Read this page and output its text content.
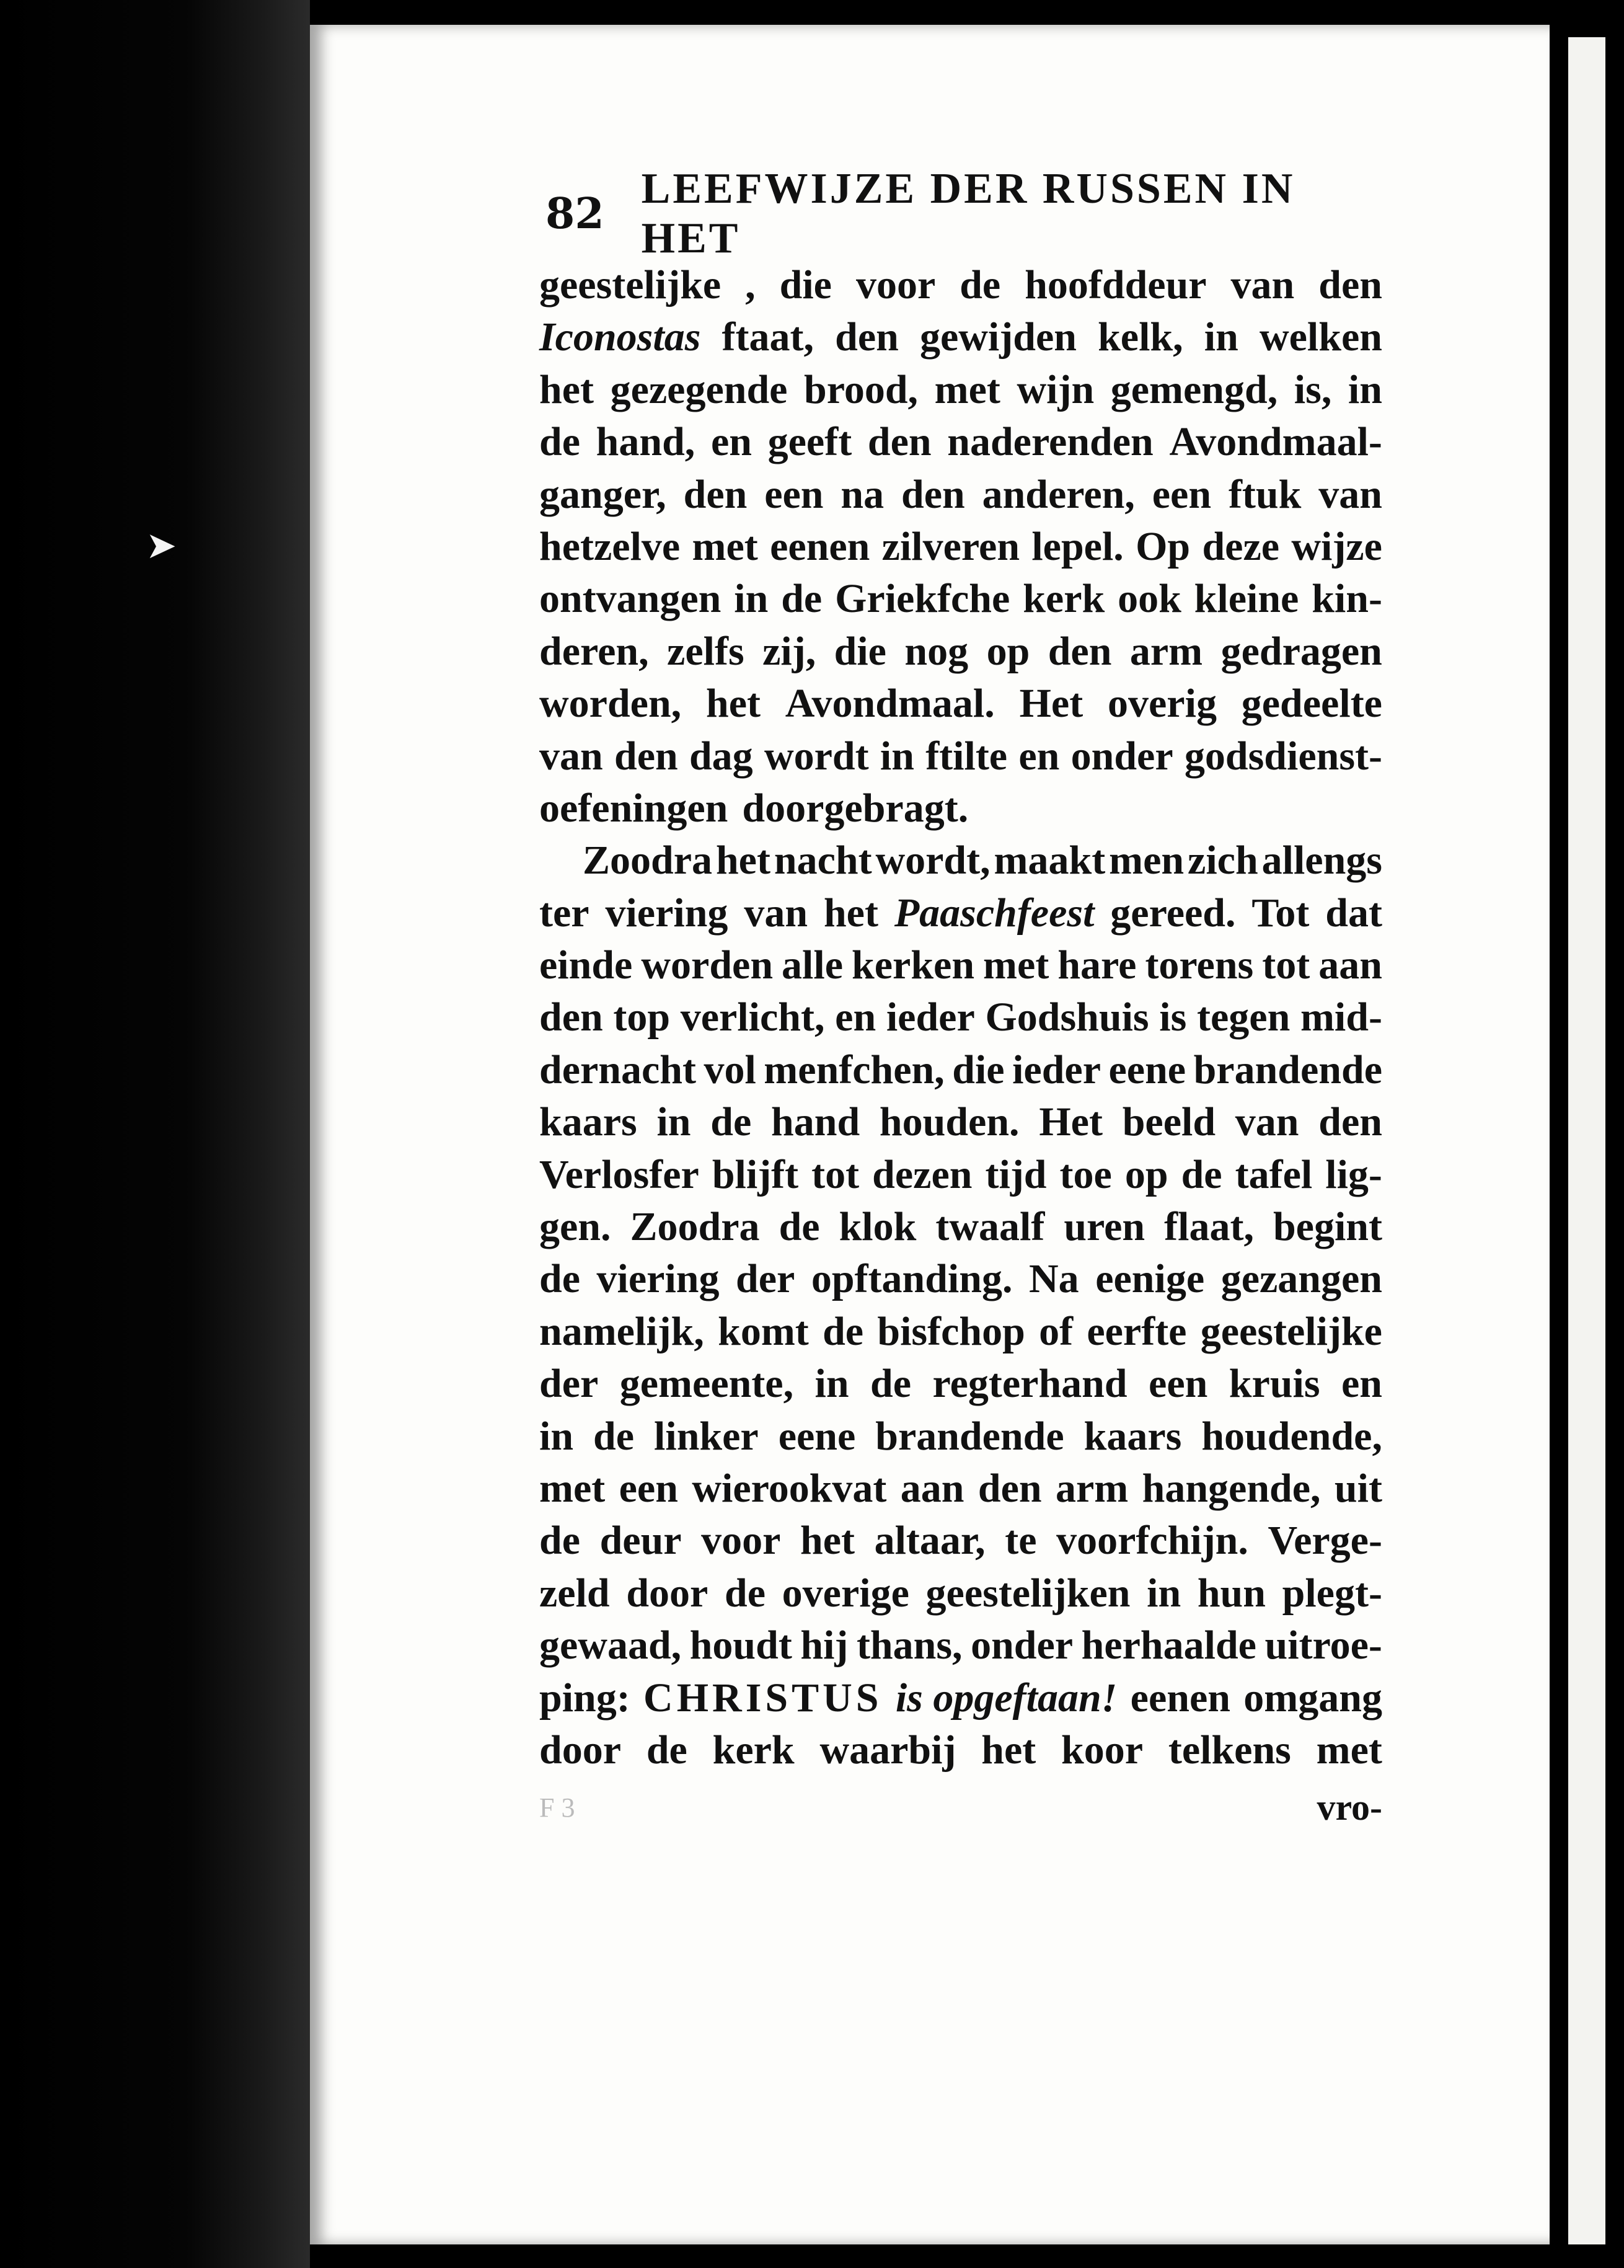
➤
82
LEEFWIJZE DER RUSSEN IN HET
geestelijke , die voor de hoofddeur van den
Iconostas ftaat, den gewijden kelk, in welken
het gezegende brood, met wijn gemengd, is, in
de hand, en geeft den naderenden Avondmaal-
ganger, den een na den anderen, een ftuk van
hetzelve met eenen zilveren lepel. Op deze wijze
ontvangen in de Griekfche kerk ook kleine kin-
deren, zelfs zij, die nog op den arm gedragen
worden, het Avondmaal. Het overig gedeelte
van den dag wordt in ftilte en onder godsdienst-
oefeningen doorgebragt.
Zoodra het nacht wordt, maakt men zich allengs
ter viering van het Paaschfeest gereed. Tot dat
einde worden alle kerken met hare torens tot aan
den top verlicht, en ieder Godshuis is tegen mid-
dernacht vol menfchen, die ieder eene brandende
kaars in de hand houden. Het beeld van den
Verlosfer blijft tot dezen tijd toe op de tafel lig-
gen. Zoodra de klok twaalf uren flaat, begint
de viering der opftanding. Na eenige gezangen
namelijk, komt de bisfchop of eerfte geestelijke
der gemeente, in de regterhand een kruis en
in de linker eene brandende kaars houdende,
met een wierookvat aan den arm hangende, uit
de deur voor het altaar, te voorfchijn. Verge-
zeld door de overige geestelijken in hun plegt-
gewaad, houdt hij thans, onder herhaalde uitroe-
ping: CHRISTUS is opgeftaan! eenen omgang
door de kerk waarbij het koor telkens met
F 3	vro-
